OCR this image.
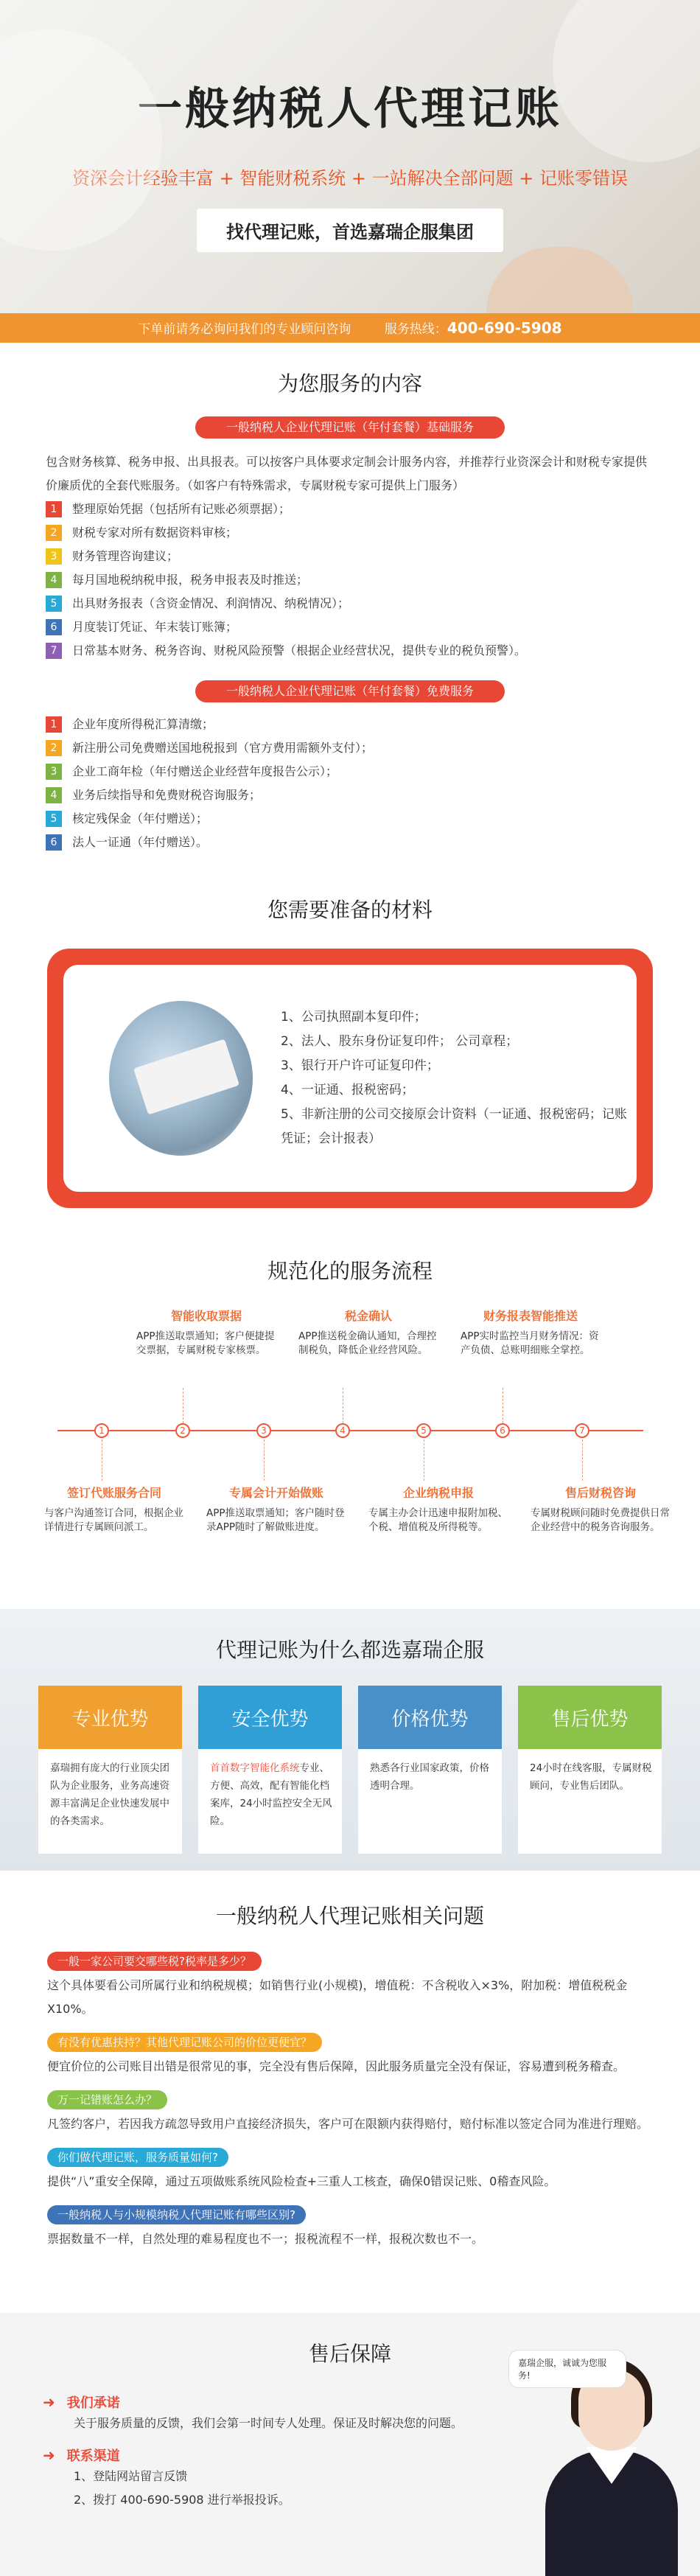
一般纳税人代理记账
资深会计经验丰富 + 智能财税系统 + 一站解决全部问题 + 记账零错误
找代理记账，首选嘉瑞企服集团
下单前请务必询问我们的专业顾问咨询	服务热线：400-690-5908
为您服务的内容
一般纳税人企业代理记账（年付套餐）基础服务

包含财务核算、税务申报、出具报表。可以按客户具体要求定制会计服务内容，并推荐行业资深会计和财税专家提供价廉质优的全套代账服务。（如客户有特殊需求，专属财税专家可提供上门服务）

1	整理原始凭据（包括所有记账必须票据）；
2	财税专家对所有数据资料审核；
3	财务管理咨询建议；
4	每月国地税纳税申报，税务申报表及时推送；
5	出具财务报表（含资金情况、利润情况、纳税情况）；
6	月度装订凭证、年末装订账簿；
7	日常基本财务、税务咨询、财税风险预警（根据企业经营状况，提供专业的税负预警）。
一般纳税人企业代理记账（年付套餐）免费服务
1	企业年度所得税汇算清缴；
2	新注册公司免费赠送国地税报到（官方费用需额外支付）；
3	企业工商年检（年付赠送企业经营年度报告公示）；
4	业务后续指导和免费财税咨询服务；
5	核定残保金（年付赠送）；
6	法人一证通（年付赠送）。
您需要准备的材料
1、公司执照副本复印件；
2、法人、股东身份证复印件； 公司章程；
3、银行开户许可证复印件；
4、一证通、报税密码；
5、非新注册的公司交接原会计资料（一证通、报税密码；记账凭证；会计报表）
规范化的服务流程
1	2	3	4	5	6	7
智能收取票据

APP推送取票通知；客户便捷提交票据，专属财税专家核票。

税金确认

APP推送税金确认通知，合理控制税负，降低企业经营风险。

财务报表智能推送

APP实时监控当月财务情况：资产负债、总账明细账全掌控。

签订代账服务合同

与客户沟通签订合同，根据企业详情进行专属顾问派工。

专属会计开始做账

APP推送取票通知；客户随时登录APP随时了解做账进度。

企业纳税申报

专属主办会计迅速申报附加税、个税、增值税及所得税等。

售后财税咨询

专属财税顾问随时免费提供日常企业经营中的税务咨询服务。

代理记账为什么都选嘉瑞企服
专业优势

嘉瑞拥有庞大的行业顶尖团队为企业服务，业务高速资源丰富满足企业快速发展中的各类需求。

安全优势

首首数字智能化系统专业、方便、高效，配有智能化档案库，24小时监控安全无风险。

价格优势

熟悉各行业国家政策，价格透明合理。

售后优势

24小时在线客服，专属财税顾问，专业售后团队。

一般纳税人代理记账相关问题
一般一家公司要交哪些税?税率是多少？

这个具体要看公司所属行业和纳税规模；如销售行业(小规模)，增值税：不含税收入×3%，附加税：增值税税金X10%。

有没有优惠扶持？其他代理记账公司的价位更便宜？

便宜价位的公司账目出错是很常见的事，完全没有售后保障，因此服务质量完全没有保证，容易遭到税务稽查。

万一记错账怎么办？

凡签约客户，若因我方疏忽导致用户直接经济损失，客户可在限额内获得赔付，赔付标准以签定合同为准进行理赔。

你们做代理记账，服务质量如何?

提供“八”重安全保障，通过五项做账系统风险检查+三重人工核查，确保0错误记账、0稽查风险。

一般纳税人与小规模纳税人代理记账有哪些区别?

票据数量不一样，自然处理的难易程度也不一；报税流程不一样，报税次数也不一。

售后保障
➜ 我们承诺

关于服务质量的反馈，我们会第一时间专人处理。保证及时解决您的问题。

➜ 联系渠道

1、登陆网站留言反馈

2、拨打 400-690-5908 进行举报投诉。

嘉瑞企服，诚诚为您服务!
